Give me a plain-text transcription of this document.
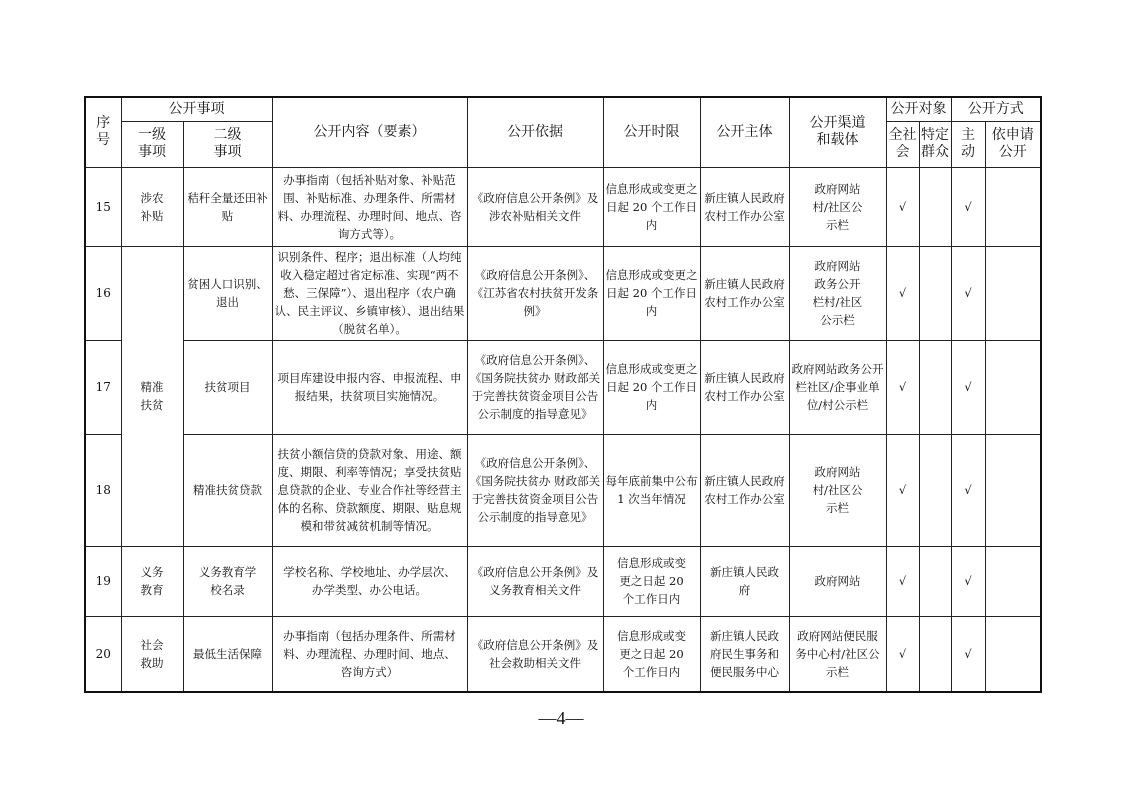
序号	公开事项		公开内容（要素）	公开依据	公开时限	公开主体	公开渠道和载体	公开对象		公开方式	
	一级事项	二级事项						全社会	特定群众	主动	依申请公开
15	涉农补贴	秸秆全量还田补贴	办事指南（包括补贴对象、补贴范围、补贴标准、办理条件、所需材料、办理流程、办理时间、地点、咨询方式等）。	《政府信息公开条例》及涉农补贴相关文件	信息形成或变更之日起 20 个工作日内	新庄镇人民政府农村工作办公室	政府网站村/社区公示栏	√		√	
16	精准扶贫	贫困人口识别、退出	识别条件、程序；退出标准（人均纯收入稳定超过省定标准、实现“两不愁、三保障”）、退出程序（农户确认、民主评议、乡镇审核）、退出结果（脱贫名单）。	《政府信息公开条例》、《江苏省农村扶贫开发条例》	信息形成或变更之日起 20 个工作日内	新庄镇人民政府农村工作办公室	政府网站政务公开栏村/社区公示栏	√		√	
17		扶贫项目	项目库建设申报内容、申报流程、申报结果，扶贫项目实施情况。	《政府信息公开条例》、《国务院扶贫办 财政部关于完善扶贫资金项目公告公示制度的指导意见》	信息形成或变更之日起 20 个工作日内	新庄镇人民政府农村工作办公室	政府网站政务公开栏社区/企事业单位/村公示栏	√		√	
18		精准扶贫贷款	扶贫小额信贷的贷款对象、用途、额度、期限、利率等情况；享受扶贫贴息贷款的企业、专业合作社等经营主体的名称、贷款额度、期限、贴息规模和带贫减贫机制等情况。	《政府信息公开条例》、《国务院扶贫办 财政部关于完善扶贫资金项目公告公示制度的指导意见》	每年底前集中公布 1 次当年情况	新庄镇人民政府农村工作办公室	政府网站村/社区公示栏	√		√	
19	义务教育	义务教育学校名录	学校名称、学校地址、办学层次、办学类型、办公电话。	《政府信息公开条例》及义务教育相关文件	信息形成或变更之日起 20 个工作日内	新庄镇人民政府	政府网站	√		√	
20	社会救助	最低生活保障	办事指南（包括办理条件、所需材料、办理流程、办理时间、地点、咨询方式）	《政府信息公开条例》及社会救助相关文件	信息形成或变更之日起 20 个工作日内	新庄镇人民政府民生事务和便民服务中心	政府网站便民服务中心村/社区公示栏	√		√	
—4—
